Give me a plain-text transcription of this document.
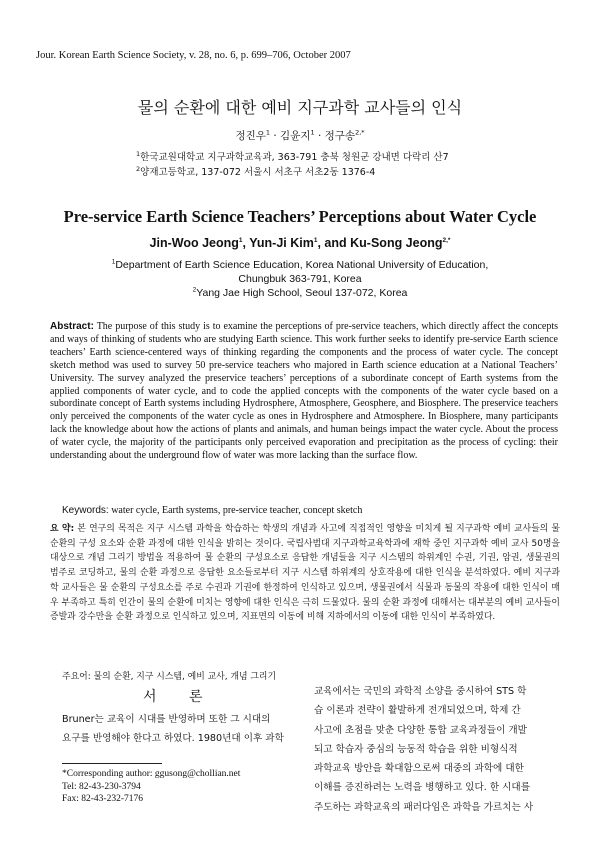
Jour. Korean Earth Science Society, v. 28, no. 6, p. 699–706, October 2007
물의 순환에 대한 예비 지구과학 교사들의 인식
정진우$^1$ · 김윤지$^1$ · 정구송$^{2,*}$
$^1$한국교원대학교 지구과학교육과, 363-791 충북 청원군 강내면 다락리 산7
$^2$양재고등학교, 137-072 서울시 서초구 서초2동 1376-4
Pre-service Earth Science Teachers’ Perceptions about Water Cycle
Jin-Woo Jeong$^1$, Yun-Ji Kim$^1$, and Ku-Song Jeong$^{2,*}$
$^1$Department of Earth Science Education, Korea National University of Education,
Chungbuk 363-791, Korea
$^2$Yang Jae High School, Seoul 137-072, Korea
Abstract: The purpose of this study is to examine the perceptions of pre-service teachers, which directly affect the concepts and ways of thinking of students who are studying Earth science. This work further seeks to identify pre-service Earth science teachers’ Earth science-centered ways of thinking regarding the components and the process of water cycle. The concept sketch method was used to survey 50 pre-service teachers who majored in Earth science education at a National Teachers’ University. The survey analyzed the preservice teachers’ perceptions of a subordinate concept of Earth systems from the applied components of water cycle, and to code the applied concepts with the components of the water cycle based on a subordinate concept of Earth systems including Hydrosphere, Atmosphere, Geosphere, and Biosphere. The preservice teachers only perceived the components of the water cycle as ones in Hydrosphere and Atmosphere. In Biosphere, many participants lack the knowledge about how the actions of plants and animals, and human beings impact the water cycle. About the process of water cycle, the majority of the participants only perceived evaporation and precipitation as the process of cycling: their understanding about the underground flow of water was more lacking than the surface flow.
Keywords: water cycle, Earth systems, pre-service teacher, concept sketch
요 약: 본 연구의 목적은 지구 시스템 과학을 학습하는 학생의 개념과 사고에 직접적인 영향을 미치게 될 지구과학 예비 교사들의 물 순환의 구성 요소와 순환 과정에 대한 인식을 밝히는 것이다. 국립사범대 지구과학교육학과에 재학 중인 지구과학 예비 교사 50명을 대상으로 개념 그리기 방법을 적용하여 물 순환의 구성요소로 응답한 개념들을 지구 시스템의 하위계인 수권, 기권, 암권, 생물권의 범주로 코딩하고, 물의 순환 과정으로 응답한 요소들로부터 지구 시스템 하위계의 상호작용에 대한 인식을 분석하였다. 예비 지구과학 교사들은 물 순환의 구성요소를 주로 수권과 기권에 한정하여 인식하고 있으며, 생물권에서 식물과 동물의 작용에 대한 인식이 매우 부족하고 특히 인간이 물의 순환에 미치는 영향에 대한 인식은 극히 드물었다. 물의 순환 과정에 대해서는 대부분의 예비 교사들이 증발과 강수만을 순환 과정으로 인식하고 있으며, 지표면의 이동에 비해 지하에서의 이동에 대한 인식이 부족하였다.
주요어: 물의 순환, 지구 시스템, 예비 교사, 개념 그리기
서 론
Bruner는 교육이 시대를 반영하며 또한 그 시대의
요구를 반영해야 한다고 하였다. 1980년대 이후 과학
*Corresponding author: ggusong@chollian.net
Tel: 82-43-230-3794
Fax: 82-43-232-7176
교육에서는 국민의 과학적 소양을 중시하여 STS 학
습 이론과 전략이 활발하게 전개되었으며, 학제 간
사고에 초점을 맞춘 다양한 통합 교육과정들이 개발
되고 학습자 중심의 능동적 학습을 위한 비형식적
과학교육 방안을 확대함으로써 대중의 과학에 대한
이해를 증진하려는 노력을 병행하고 있다. 한 시대를
주도하는 과학교육의 패러다임은 과학을 가르치는 사
